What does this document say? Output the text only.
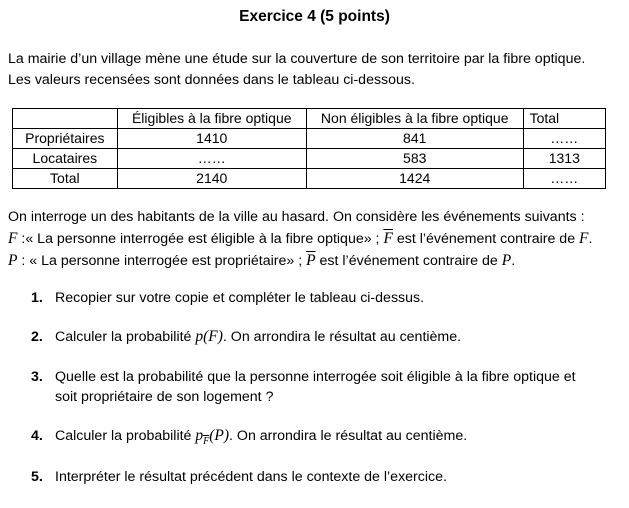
Exercice 4 (5 points)
La mairie d’un village mène une étude sur la couverture de son territoire par la fibre optique.
Les valeurs recensées sont données dans le tableau ci-dessous.
	Éligibles à la fibre optique	Non éligibles à la fibre optique	Total
Propriétaires	1410	841	……
Locataires	……	583	1313
Total	2140	1424	……
On interroge un des habitants de la ville au hasard. On considère les événements suivants :
F :« La personne interrogée est éligible à la fibre optique» ; $\overline{F}$ est l’événement contraire de F.
P : « La personne interrogée est propriétaire» ; $\overline{P}$ est l’événement contraire de P.
1. Recopier sur votre copie et compléter le tableau ci-dessus.
2. Calculer la probabilité p(F). On arrondira le résultat au centième.
3. Quelle est la probabilité que la personne interrogée soit éligible à la fibre optique et
soit propriétaire de son logement ?
4. Calculer la probabilité $p_{\overline{F}}(P)$. On arrondira le résultat au centième.
5. Interpréter le résultat précédent dans le contexte de l’exercice.
